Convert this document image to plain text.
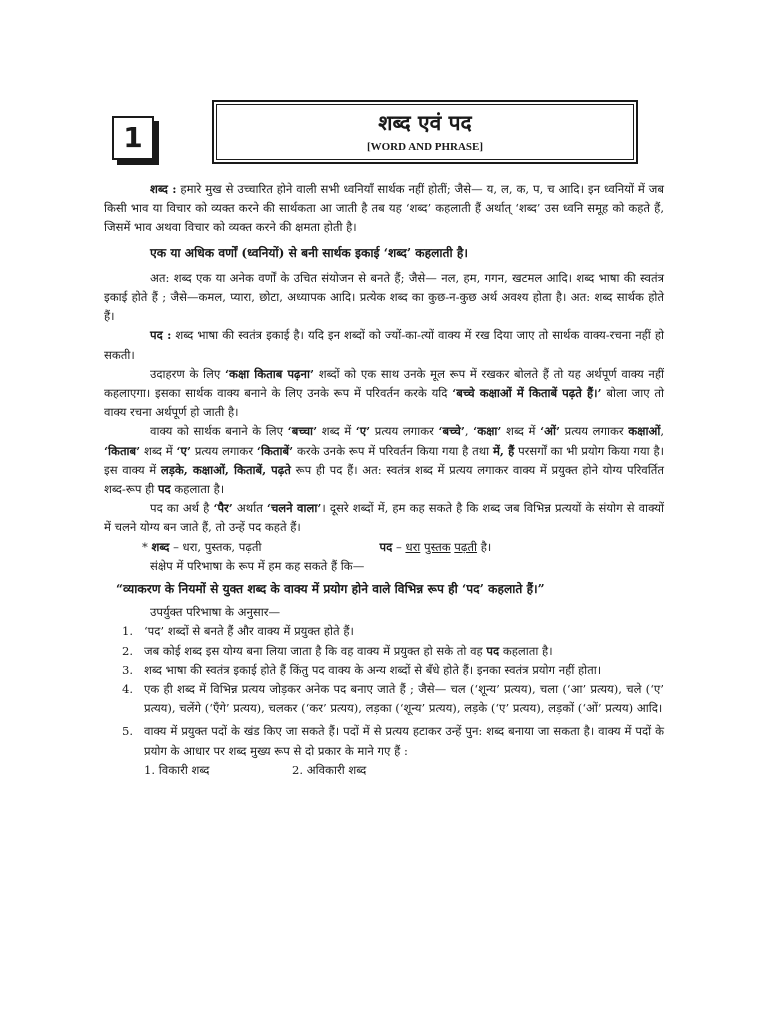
1	शब्द एवं पद
[WORD AND PHRASE]

शब्द : हमारे मुख से उच्चारित होने वाली सभी ध्वनियाँ सार्थक नहीं होतीं; जैसे— य, ल, क, प, च आदि। इन ध्वनियों में जब किसी भाव या विचार को व्यक्त करने की सार्थकता आ जाती है तब यह ‘शब्द’ कहलाती हैं अर्थात् ‘शब्द’ उस ध्वनि समूह को कहते हैं, जिसमें भाव अथवा विचार को व्यक्त करने की क्षमता होती है।

एक या अधिक वर्णों (ध्वनियों) से बनी सार्थक इकाई ‘शब्द’ कहलाती है।

अत: शब्द एक या अनेक वर्णों के उचित संयोजन से बनते हैं; जैसे— नल, हम, गगन, खटमल आदि। शब्द भाषा की स्वतंत्र इकाई होते हैं ; जैसे—कमल, प्यारा, छोटा, अध्यापक आदि। प्रत्येक शब्द का कुछ-न-कुछ अर्थ अवश्य होता है। अत: शब्द सार्थक होते हैं।

पद : शब्द भाषा की स्वतंत्र इकाई है। यदि इन शब्दों को ज्यों-का-त्यों वाक्य में रख दिया जाए तो सार्थक वाक्य-रचना नहीं हो सकती।

उदाहरण के लिए ‘कक्षा किताब पढ़ना’ शब्दों को एक साथ उनके मूल रूप में रखकर बोलते हैं तो यह अर्थपूर्ण वाक्य नहीं कहलाएगा। इसका सार्थक वाक्य बनाने के लिए उनके रूप में परिवर्तन करके यदि ‘बच्चे कक्षाओं में किताबें पढ़ते हैं।’ बोला जाए तो वाक्य रचना अर्थपूर्ण हो जाती है।

वाक्य को सार्थक बनाने के लिए ‘बच्चा’ शब्द में ‘ए’ प्रत्यय लगाकर ‘बच्चे’, ‘कक्षा’ शब्द में ‘ओं’ प्रत्यय लगाकर कक्षाओं, ‘किताब’ शब्द में ‘ए’ प्रत्यय लगाकर ‘किताबें’ करके उनके रूप में परिवर्तन किया गया है तथा में, हैं परसर्गों का भी प्रयोग किया गया है। इस वाक्य में लड़के, कक्षाओं, किताबें, पढ़ते रूप ही पद हैं। अत: स्वतंत्र शब्द में प्रत्यय लगाकर वाक्य में प्रयुक्त होने योग्य परिवर्तित शब्द-रूप ही पद कहलाता है।

पद का अर्थ है ‘पैर’ अर्थात ‘चलने वाला’। दूसरे शब्दों में, हम कह सकते है कि शब्द जब विभिन्न प्रत्ययों के संयोग से वाक्यों में चलने योग्य बन जाते हैं, तो उन्हें पद कहते हैं।

* शब्द – धरा, पुस्तक, पढ़ती	पद – धरा पुस्तक पढ़ती है।

संक्षेप में परिभाषा के रूप में हम कह सकते हैं कि—

“व्याकरण के नियमों से युक्त शब्द के वाक्य में प्रयोग होने वाले विभिन्न रूप ही ‘पद’ कहलाते हैं।”

उपर्युक्त परिभाषा के अनुसार—

1. ‘पद’ शब्दों से बनते हैं और वाक्य में प्रयुक्त होते हैं।
2. जब कोई शब्द इस योग्य बना लिया जाता है कि वह वाक्य में प्रयुक्त हो सके तो वह पद कहलाता है।
3. शब्द भाषा की स्वतंत्र इकाई होते हैं किंतु पद वाक्य के अन्य शब्दों से बँधे होते हैं। इनका स्वतंत्र प्रयोग नहीं होता।
4. एक ही शब्द में विभिन्न प्रत्यय जोड़कर अनेक पद बनाए जाते हैं ; जैसे— चल (‘शून्य’ प्रत्यय), चला (‘आ’ प्रत्यय), चले (‘ए’ प्रत्यय), चलेंगे (‘एँगे’ प्रत्यय), चलकर (‘कर’ प्रत्यय), लड़का (‘शून्य’ प्रत्यय), लड़के (‘ए’ प्रत्यय), लड़कों (‘ओं’ प्रत्यय) आदि।
5. वाक्य में प्रयुक्त पदों के खंड किए जा सकते हैं। पदों में से प्रत्यय हटाकर उन्हें पुन: शब्द बनाया जा सकता है। वाक्य में पदों के प्रयोग के आधार पर शब्द मुख्य रूप से दो प्रकार के माने गए हैं :

1. विकारी शब्द	2. अविकारी शब्द
